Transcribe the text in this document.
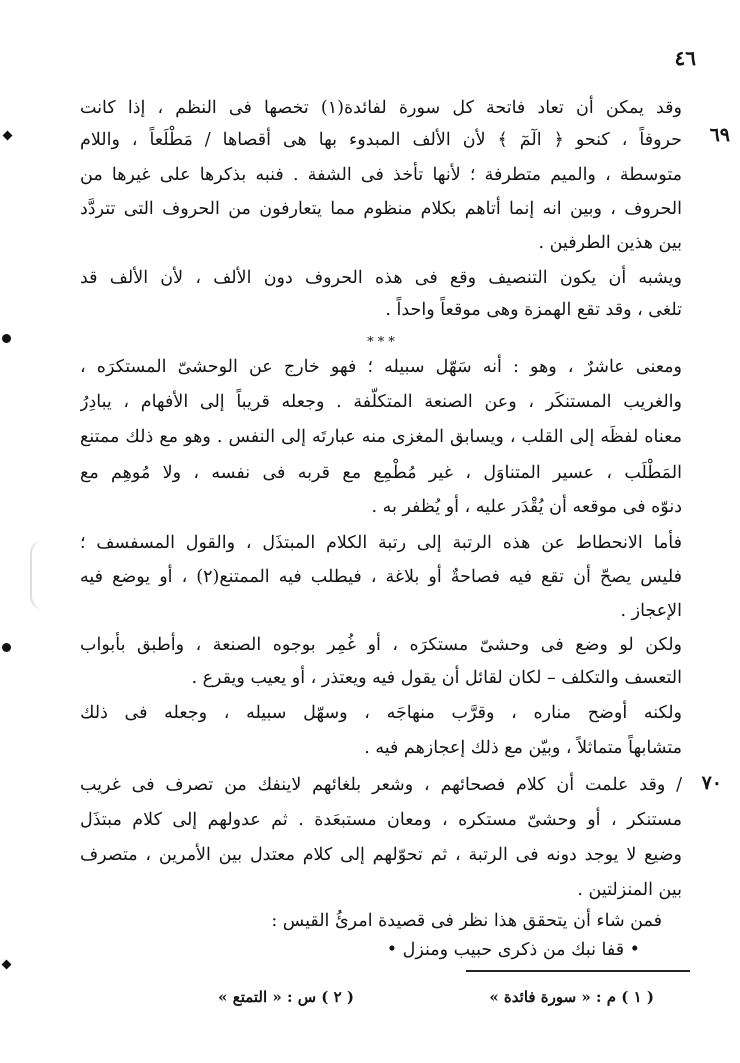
٤٦
٦٩
٧٠
وقد يمكن أن تعاد فاتحة كل سورة لفائدة(١) تخصها فى النظم ، إذا كانت
حروفاً ، كنحو ﴿ الٓمٓ ﴾ لأن الألف المبدوء بها هى أقصاها / مَطْلَعاً ، واللام
متوسطة ، والميم متطرفة ؛ لأنها تأخذ فى الشفة . فنبه بذكرها على غيرها من
الحروف ، وبين انه إنما أتاهم بكلام منظوم مما يتعارفون من الحروف التى تتردَّد
بين هذين الطرفين .
ويشبه أن يكون التنصيف وقع فى هذه الحروف دون الألف ، لأن الألف قد
تلغى ، وقد تقع الهمزة وهى موقعاً واحداً .
* * *
ومعنى عاشرٌ ، وهو : أنه سَهّل سبيله ؛ فهو خارج عن الوحشىّ المستكرَه ،
والغريب المستنكَر ، وعن الصنعة المتكلّفة . وجعله قريباً إلى الأفهام ، يبادِرُ
معناه لفظَه إلى القلب ، ويسابق المغزى منه عبارتَه إلى النفس . وهو مع ذلك ممتنع
المَطْلَب ، عسير المتناوَل ، غير مُطْمِع مع قربه فى نفسه ، ولا مُوهِم مع
دنوّه فى موقعه أن يُقْدَر عليه ، أو يُظفر به .
فأما الانحطاط عن هذه الرتبة إلى رتبة الكلام المبتذَل ، والقول المسفسف ؛
فليس يصحّ أن تقع فيه فصاحةٌ أو بلاغة ، فيطلب فيه الممتنع(٢) ، أو يوضع فيه
الإعجاز .
ولكن لو وضع فى وحشىّ مستكرَه ، أو غُمِر بوجوه الصنعة ، وأطبق بأبواب
التعسف والتكلف – لكان لقائل أن يقول فيه ويعتذر ، أو يعيب ويقرع .
ولكنه أوضح مناره ، وقرَّب منهاجَه ، وسهّل سبيله ، وجعله فى ذلك
متشابهاً متماثلاً ، وبيّن مع ذلك إعجازهم فيه .
/ وقد علمت أن كلام فصحائهم ، وشعر بلغائهم لاينفك من تصرف فى غريب
مستنكر ، أو وحشىّ مستكره ، ومعان مستبعَدة . ثم عدولهم إلى كلام مبتذَل
وضيع لا يوجد دونه فى الرتبة ، ثم تحوّلهم إلى كلام معتدل بين الأمرين ، متصرف
بين المنزلتين .
فمن شاء أن يتحقق هذا نظر فى قصيدة امرئُ القيس :
• قفا نبك من ذكرى حبيب ومنزل •
( ١ ) م : « سورة فائدة »
( ٢ ) س : « التمتع »
